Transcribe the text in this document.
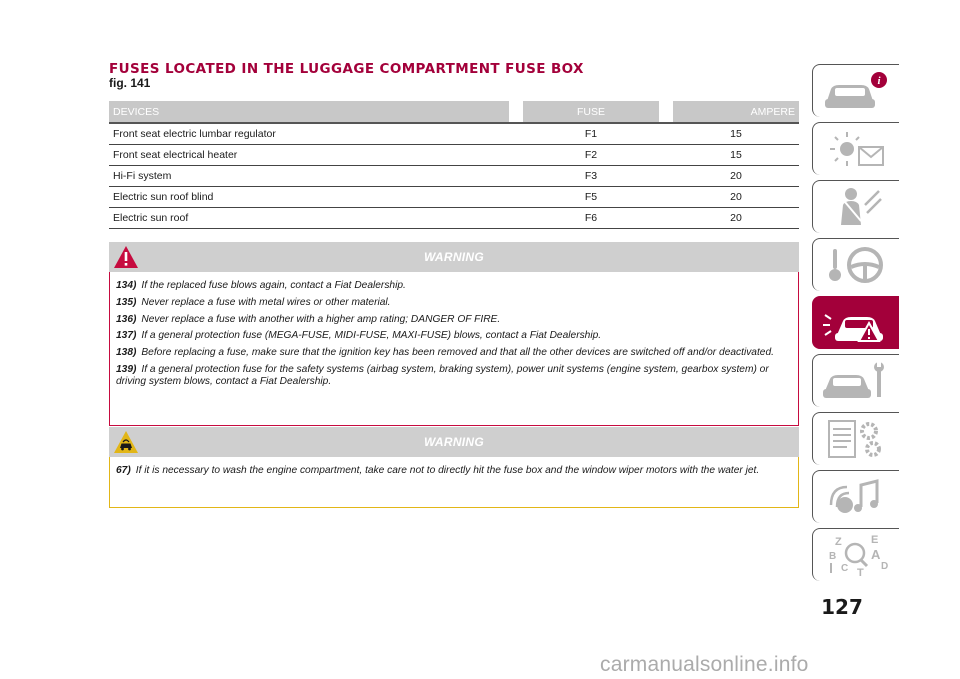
FUSES LOCATED IN THE LUGGAGE COMPARTMENT FUSE BOX
fig. 141
DEVICES		FUSE		AMPERE
Front seat electric lumbar regulator		F1		15
Front seat electrical heater		F2		15
Hi-Fi system		F3		20
Electric sun roof blind		F5		20
Electric sun roof		F6		20
WARNING

134) If the replaced fuse blows again, contact a Fiat Dealership.

135) Never replace a fuse with metal wires or other material.

136) Never replace a fuse with another with a higher amp rating; DANGER OF FIRE.

137) If a general protection fuse (MEGA-FUSE, MIDI-FUSE, MAXI-FUSE) blows, contact a Fiat Dealership.

138) Before replacing a fuse, make sure that the ignition key has been removed and that all the other devices are switched off and/or deactivated.

139) If a general protection fuse for the safety systems (airbag system, braking system), power unit systems (engine system, gearbox system) or driving system blows, contact a Fiat Dealership.

WARNING

67) If it is necessary to wash the engine compartment, take care not to directly hit the fuse box and the window wiper motors with the water jet.

i
Z	E
B	A
C	D
T
127
carmanualsonline.info
